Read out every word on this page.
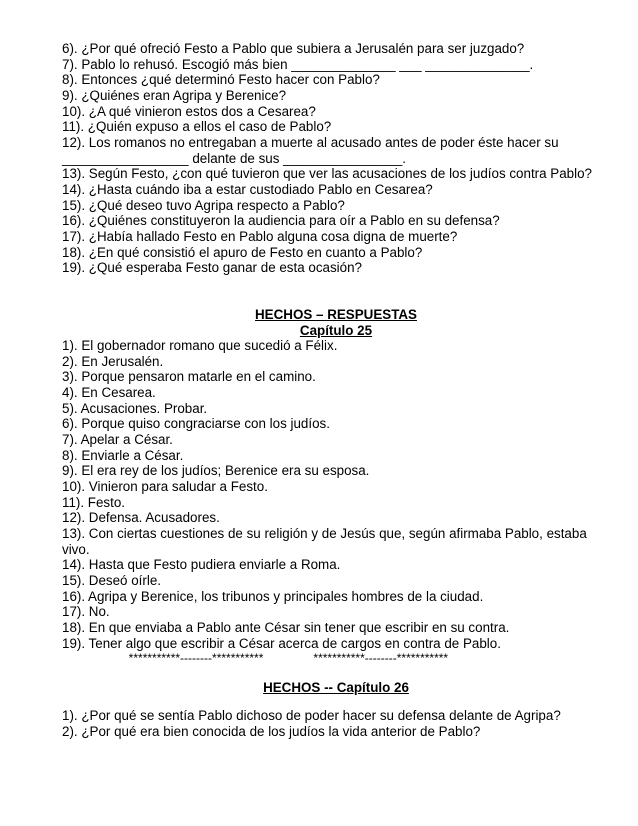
6). ¿Por qué ofreció Festo a Pablo que subiera a Jerusalén para ser juzgado?
7). Pablo lo rehusó. Escogió más bien ______________ ___ ______________.
8). Entonces ¿qué determinó Festo hacer con Pablo?
9). ¿Quiénes eran Agripa y Berenice?
10). ¿A qué vinieron estos dos a Cesarea?
11). ¿Quién expuso a ellos el caso de Pablo?
12). Los romanos no entregaban a muerte al acusado antes de poder éste hacer su _________________ delante de sus ________________.
13). Según Festo, ¿con qué tuvieron que ver las acusaciones de los judíos contra Pablo?
14). ¿Hasta cuándo iba a estar custodiado Pablo en Cesarea?
15). ¿Qué deseo tuvo Agripa respecto a Pablo?
16). ¿Quiénes constituyeron la audiencia para oír a Pablo en su defensa?
17). ¿Había hallado Festo en Pablo alguna cosa digna de muerte?
18). ¿En qué consistió el apuro de Festo en cuanto a Pablo?
19). ¿Qué esperaba Festo ganar de esta ocasión?
HECHOS – RESPUESTAS
Capítulo 25
1). El gobernador romano que sucedió a Félix.
2). En Jerusalén.
3). Porque pensaron matarle en el camino.
4). En Cesarea.
5). Acusaciones. Probar.
6). Porque quiso congraciarse con los judíos.
7). Apelar a César.
8). Enviarle a César.
9). El era rey de los judíos; Berenice era su esposa.
10). Vinieron para saludar a Festo.
11). Festo.
12). Defensa. Acusadores.
13). Con ciertas cuestiones de su religión y de Jesús que, según afirmaba Pablo, estaba vivo.
14). Hasta que Festo pudiera enviarle a Roma.
15). Deseó oírle.
16). Agripa y Berenice, los tribunos y principales hombres de la ciudad.
17). No.
18). En que enviaba a Pablo ante César sin tener que escribir en su contra.
19). Tener algo que escribir a César acerca de cargos en contra de Pablo.
***********--------***********               ***********--------***********
HECHOS -- Capítulo 26
1). ¿Por qué se sentía Pablo dichoso de poder hacer su defensa delante de Agripa?
2). ¿Por qué era bien conocida de los judíos la vida anterior de Pablo?
